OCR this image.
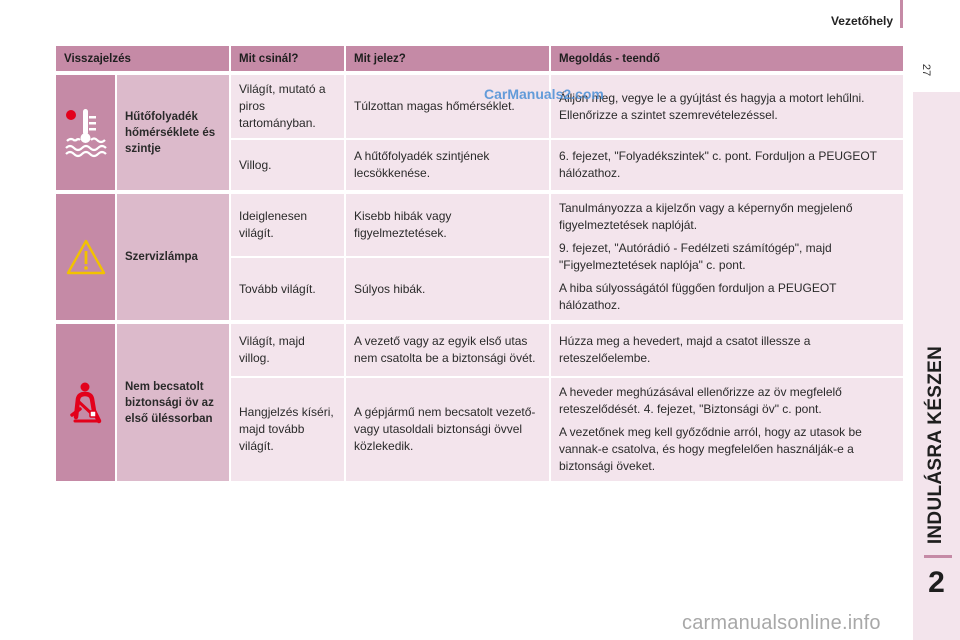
Vezetőhely
27
INDULÁSRA KÉSZEN
2
Visszajelzés		Mit csinál?	Mit jelez?	Megoldás - teendő

	Hűtőfolyadék hőmérséklete és szintje	Világít, mutató a piros tartományban.	Túlzottan magas hőmérséklet.	Álljon meg, vegye le a gyújtást és hagyja a motort lehűlni. Ellenőrizze a szintet szemrevételezéssel.

		Villog.	A hűtőfolyadék szintjének lecsökkenése.	6. fejezet, "Folyadékszintek" c. pont. Forduljon a PEUGEOT hálózathoz.

	Szervizlámpa	Ideiglenesen világít.	Kisebb hibák vagy figyelmeztetések.	Tanulmányozza a kijelzőn vagy a képernyőn megjelenő figyelmeztetések naplóját.
9. fejezet, "Autórádió - Fedélzeti számítógép", majd "Figyelmeztetések naplója" c. pont.
A hiba súlyosságától függően forduljon a PEUGEOT hálózathoz.

		Tovább világít.	Súlyos hibák.	

	Nem becsatolt biztonsági öv az első üléssorban	Világít, majd villog.	A vezető vagy az egyik első utas nem csatolta be a biztonsági övét.	Húzza meg a hevedert, majd a csatot illessze a reteszelőelembe.

		Hangjelzés kíséri, majd tovább világít.	A gépjármű nem becsatolt vezető- vagy utasoldali biztonsági övvel közlekedik.	A heveder meghúzásával ellenőrizze az öv megfelelő reteszelődését. 4. fejezet, "Biztonsági öv" c. pont.
A vezetőnek meg kell győződnie arról, hogy az utasok be vannak-e csatolva, és hogy megfelelően használják-e a biztonsági öveket.
CarManuals2.com
carmanualsonline.info
